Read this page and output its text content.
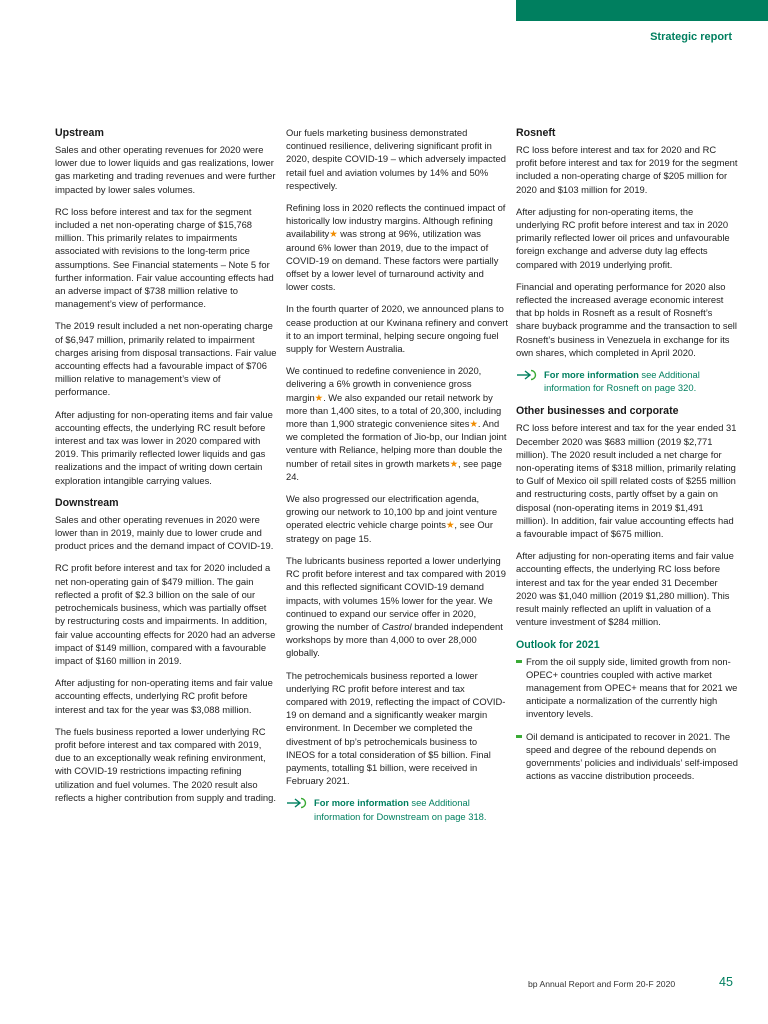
Strategic report
Upstream

Sales and other operating revenues for 2020 were lower due to lower liquids and gas realizations, lower gas marketing and trading revenues and were further impacted by lower sales volumes.

RC loss before interest and tax for the segment included a net non-operating charge of $15,768 million. This primarily relates to impairments associated with revisions to the long-term price assumptions. See Financial statements – Note 5 for further information. Fair value accounting effects had an adverse impact of $738 million relative to management’s view of performance.

The 2019 result included a net non-operating charge of $6,947 million, primarily related to impairment charges arising from disposal transactions. Fair value accounting effects had a favourable impact of $706 million relative to management’s view of performance.

After adjusting for non-operating items and fair value accounting effects, the underlying RC result before interest and tax was lower in 2020 compared with 2019. This primarily reflected lower liquids and gas realizations and the impact of writing down certain exploration intangible carrying values.

Downstream

Sales and other operating revenues in 2020 were lower than in 2019, mainly due to lower crude and product prices and the demand impact of COVID-19.

RC profit before interest and tax for 2020 included a net non-operating gain of $479 million. The gain reflected a profit of $2.3 billion on the sale of our petrochemicals business, which was partially offset by restructuring costs and impairments. In addition, fair value accounting effects for 2020 had an adverse impact of $149 million, compared with a favourable impact of $160 million in 2019.

After adjusting for non-operating items and fair value accounting effects, underlying RC profit before interest and tax for the year was $3,088 million.

The fuels business reported a lower underlying RC profit before interest and tax compared with 2019, due to an exceptionally weak refining environment, with COVID-19 restrictions impacting refining utilization and fuel volumes. The 2020 result also reflects a higher contribution from supply and trading.

Our fuels marketing business demonstrated continued resilience, delivering significant profit in 2020, despite COVID-19 – which adversely impacted retail fuel and aviation volumes by 14% and 50% respectively.

Refining loss in 2020 reflects the continued impact of historically low industry margins. Although refining availability★ was strong at 96%, utilization was around 6% lower than 2019, due to the impact of COVID-19 on demand. These factors were partially offset by a lower level of turnaround activity and lower costs.

In the fourth quarter of 2020, we announced plans to cease production at our Kwinana refinery and convert it to an import terminal, helping secure ongoing fuel supply for Western Australia.

We continued to redefine convenience in 2020, delivering a 6% growth in convenience gross margin★. We also expanded our retail network by more than 1,400 sites, to a total of 20,300, including more than 1,900 strategic convenience sites★. And we completed the formation of Jio-bp, our Indian joint venture with Reliance, helping more than double the number of retail sites in growth markets★, see page 24.

We also progressed our electrification agenda, growing our network to 10,100 bp and joint venture operated electric vehicle charge points★, see Our strategy on page 15.

The lubricants business reported a lower underlying RC profit before interest and tax compared with 2019 and this reflected significant COVID-19 demand impacts, with volumes 15% lower for the year. We continued to expand our service offer in 2020, growing the number of Castrol branded independent workshops by more than 4,000 to over 28,000 globally.

The petrochemicals business reported a lower underlying RC profit before interest and tax compared with 2019, reflecting the impact of COVID-19 on demand and a significantly weaker margin environment. In December we completed the divestment of bp’s petrochemicals business to INEOS for a total consideration of $5 billion. Final payments, totalling $1 billion, were received in February 2021.

For more information see Additional information for Downstream on page 318.
Rosneft

RC loss before interest and tax for 2020 and RC profit before interest and tax for 2019 for the segment included a non-operating charge of $205 million for 2020 and $103 million for 2019.

After adjusting for non-operating items, the underlying RC profit before interest and tax in 2020 primarily reflected lower oil prices and unfavourable foreign exchange and adverse duty lag effects compared with 2019 underlying profit.

Financial and operating performance for 2020 also reflected the increased average economic interest that bp holds in Rosneft as a result of Rosneft’s share buyback programme and the transaction to sell Rosneft’s business in Venezuela in exchange for its own shares, which completed in April 2020.

For more information see Additional information for Rosneft on page 320.
Other businesses and corporate

RC loss before interest and tax for the year ended 31 December 2020 was $683 million (2019 $2,771 million). The 2020 result included a net charge for non-operating items of $318 million, primarily relating to Gulf of Mexico oil spill related costs of $255 million and restructuring costs, partly offset by a gain on disposal (non-operating items in 2019 $1,491 million). In addition, fair value accounting effects had a favourable impact of $675 million.

After adjusting for non-operating items and fair value accounting effects, the underlying RC loss before interest and tax for the year ended 31 December 2020 was $1,040 million (2019 $1,280 million). This result mainly reflected an uplift in valuation of a venture investment of $284 million.

Outlook for 2021
From the oil supply side, limited growth from non-OPEC+ countries coupled with active market management from OPEC+ means that for 2021 we anticipate a normalization of the currently high inventory levels.
Oil demand is anticipated to recover in 2021. The speed and degree of the rebound depends on governments’ policies and individuals’ self-imposed actions as vaccine distribution proceeds.
bp Annual Report and Form 20-F 2020	45
